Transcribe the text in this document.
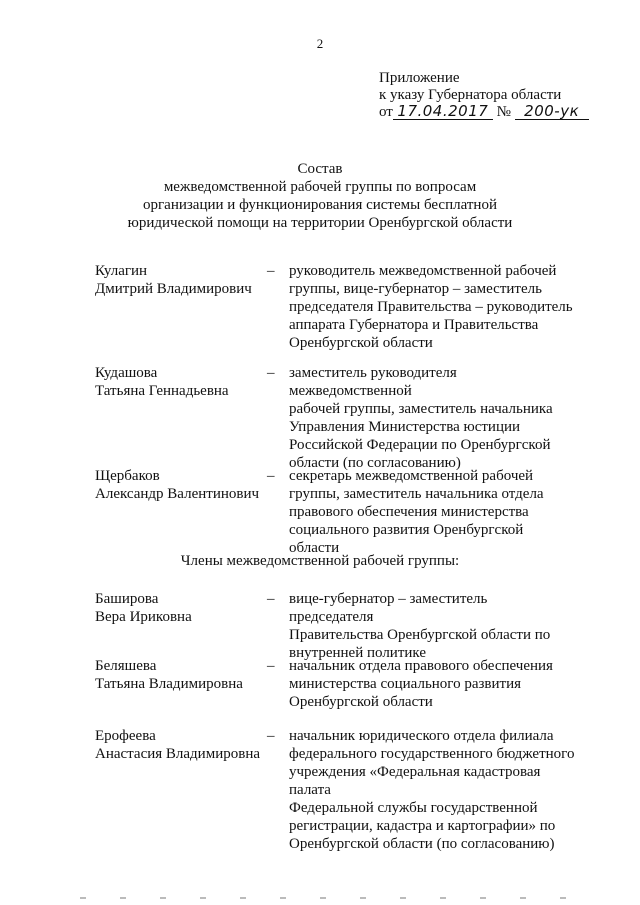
2
Приложение
к указу Губернатора области
от 17.04.2017 № 200-ук
Состав
межведомственной рабочей группы по вопросам
организации и функционирования системы бесплатной
юридической помощи на территории Оренбургской области
Кулагин
Дмитрий Владимирович
– руководитель межведомственной рабочей
группы, вице-губернатор – заместитель
председателя Правительства – руководитель
аппарата Губернатора и Правительства
Оренбургской области
Кудашова
Татьяна Геннадьевна
– заместитель руководителя межведомственной
рабочей группы, заместитель начальника
Управления Министерства юстиции
Российской Федерации по Оренбургской
области (по согласованию)
Щербаков
Александр Валентинович
– секретарь межведомственной рабочей
группы, заместитель начальника отдела
правового обеспечения министерства
социального развития Оренбургской области
Члены межведомственной рабочей группы:
Баширова
Вера Ириковна
– вице-губернатор – заместитель председателя
Правительства Оренбургской области по
внутренней политике
Беляшева
Татьяна Владимировна
– начальник отдела правового обеспечения
министерства социального развития
Оренбургской области
Ерофеева
Анастасия Владимировна
– начальник юридического отдела филиала
федерального государственного бюджетного
учреждения «Федеральная кадастровая палата
Федеральной службы государственной
регистрации, кадастра и картографии» по
Оренбургской области (по согласованию)
